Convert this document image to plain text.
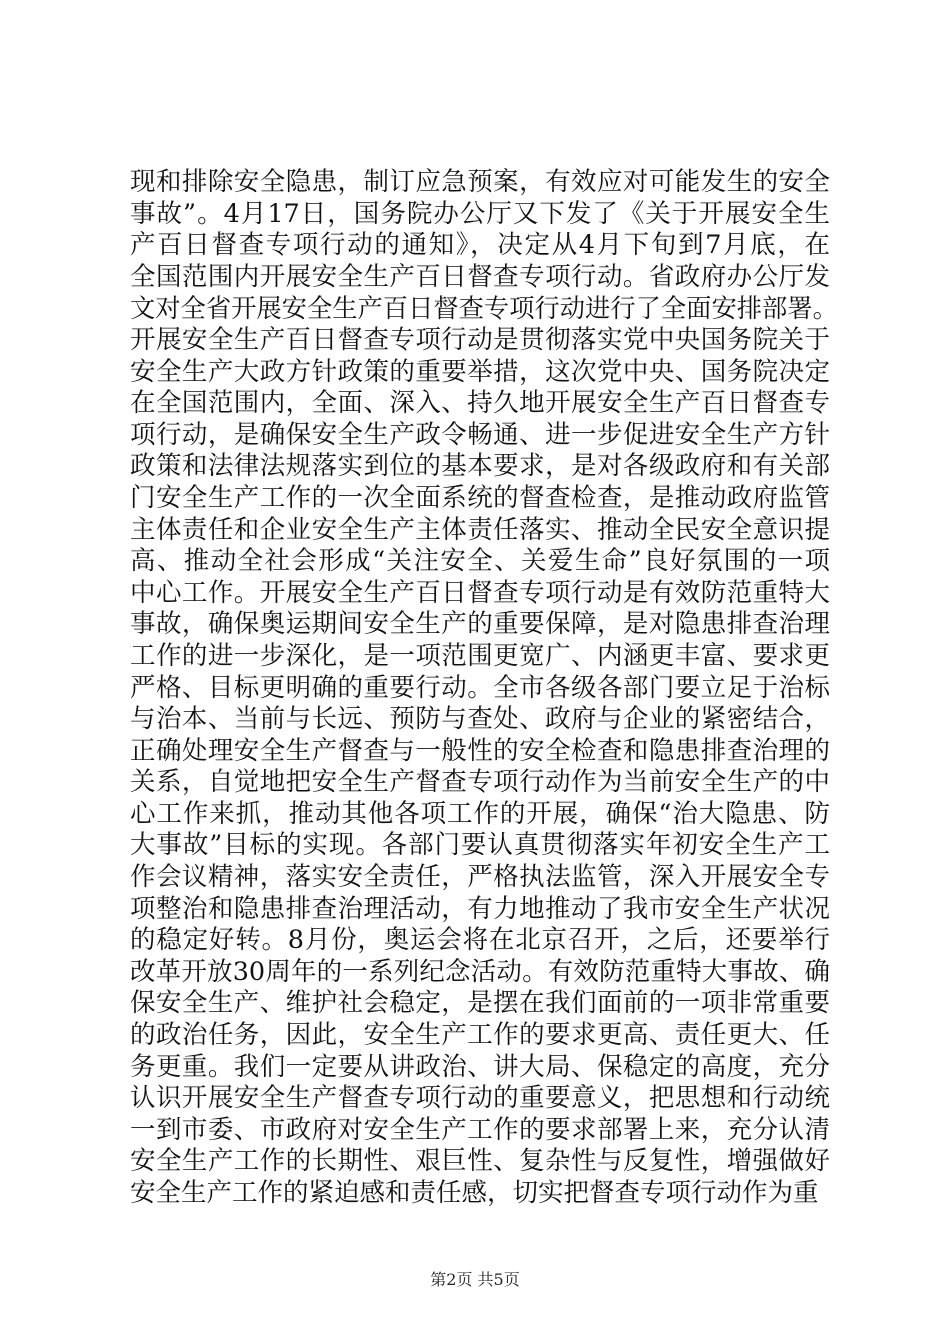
现和排除安全隐患，制订应急预案，有效应对可能发生的安全
事故”。4月17日，国务院办公厅又下发了《关于开展安全生
产百日督查专项行动的通知》，决定从4月下旬到7月底，在
全国范围内开展安全生产百日督查专项行动。省政府办公厅发
文对全省开展安全生产百日督查专项行动进行了全面安排部署。
开展安全生产百日督查专项行动是贯彻落实党中央国务院关于
安全生产大政方针政策的重要举措，这次党中央、国务院决定
在全国范围内，全面、深入、持久地开展安全生产百日督查专
项行动，是确保安全生产政令畅通、进一步促进安全生产方针
政策和法律法规落实到位的基本要求，是对各级政府和有关部
门安全生产工作的一次全面系统的督查检查，是推动政府监管
主体责任和企业安全生产主体责任落实、推动全民安全意识提
高、推动全社会形成“关注安全、关爱生命”良好氛围的一项
中心工作。开展安全生产百日督查专项行动是有效防范重特大
事故，确保奥运期间安全生产的重要保障，是对隐患排查治理
工作的进一步深化，是一项范围更宽广、内涵更丰富、要求更
严格、目标更明确的重要行动。全市各级各部门要立足于治标
与治本、当前与长远、预防与查处、政府与企业的紧密结合，
正确处理安全生产督查与一般性的安全检查和隐患排查治理的
关系，自觉地把安全生产督查专项行动作为当前安全生产的中
心工作来抓，推动其他各项工作的开展，确保“治大隐患、防
大事故”目标的实现。各部门要认真贯彻落实年初安全生产工
作会议精神，落实安全责任，严格执法监管，深入开展安全专
项整治和隐患排查治理活动，有力地推动了我市安全生产状况
的稳定好转。8月份，奥运会将在北京召开，之后，还要举行
改革开放30周年的一系列纪念活动。有效防范重特大事故、确
保安全生产、维护社会稳定，是摆在我们面前的一项非常重要
的政治任务，因此，安全生产工作的要求更高、责任更大、任
务更重。我们一定要从讲政治、讲大局、保稳定的高度，充分
认识开展安全生产督查专项行动的重要意义，把思想和行动统
一到市委、市政府对安全生产工作的要求部署上来，充分认清
安全生产工作的长期性、艰巨性、复杂性与反复性，增强做好
安全生产工作的紧迫感和责任感，切实把督查专项行动作为重
第2页 共5页
